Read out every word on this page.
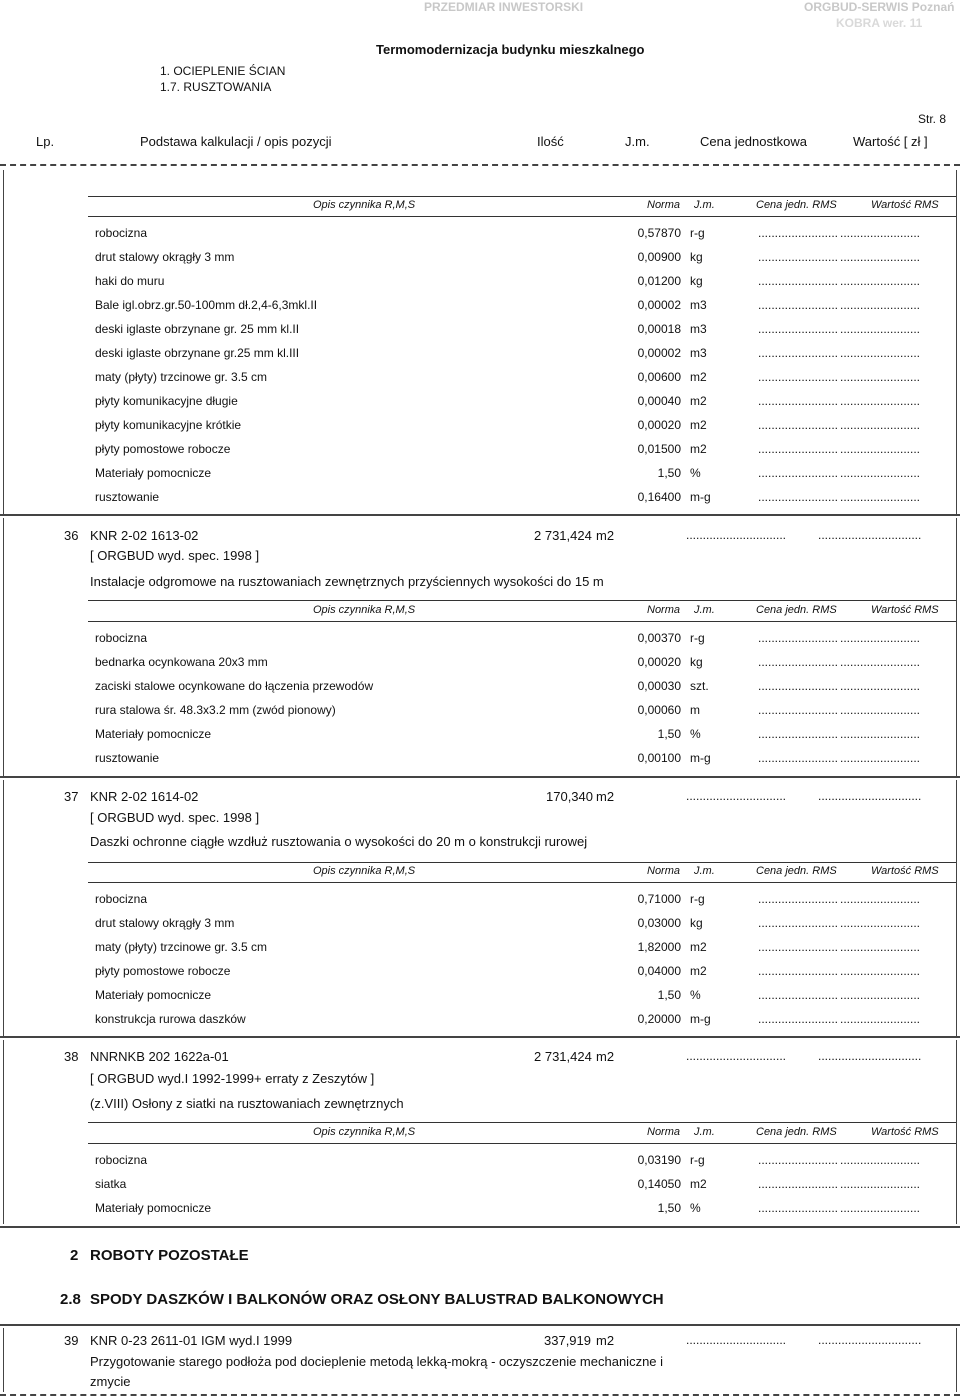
PRZEDMIAR INWESTORSKI	ORGBUD-SERWIS Poznań
KOBRA wer. 11
Termomodernizacja budynku mieszkalnego
1. OCIEPLENIE ŚCIAN
1.7. RUSZTOWANIA
Str. 8
Lp.	Podstawa kalkulacji / opis pozycji	Ilość	J.m.	Cena jednostkowa	Wartość [ zł ]
Opis czynnika R,M,S	Norma J.m.	Cena jedn. RMS	Wartość RMS
robocizna	0,57870 r-g	........................ ........................
drut stalowy okrągły 3 mm	0,00900 kg	........................ ........................
haki do muru	0,01200 kg	........................ ........................
Bale igl.obrz.gr.50-100mm dł.2,4-6,3mkl.II	0,00002 m3	........................ ........................
deski iglaste obrzynane gr. 25 mm kl.II	0,00018 m3	........................ ........................
deski iglaste obrzynane gr.25 mm kl.III	0,00002 m3	........................ ........................
maty (płyty) trzcinowe gr. 3.5 cm	0,00600 m2	........................ ........................
płyty komunikacyjne długie	0,00040 m2	........................ ........................
płyty komunikacyjne krótkie	0,00020 m2	........................ ........................
płyty pomostowe robocze	0,01500 m2	........................ ........................
Materiały pomocnicze	1,50 %	........................ ........................
rusztowanie	0,16400 m-g	........................ ........................
36 KNR 2-02 1613-02	2 731,424 m2	..............................	...............................
[ ORGBUD wyd. spec. 1998 ]
Instalacje odgromowe na rusztowaniach zewnętrznych przyściennych wysokości do 15 m
Opis czynnika R,M,S	Norma J.m.	Cena jedn. RMS	Wartość RMS
robocizna	0,00370 r-g	........................ ........................
bednarka ocynkowana 20x3 mm	0,00020 kg	........................ ........................
zaciski stalowe ocynkowane do łączenia przewodów	0,00030 szt.	........................ ........................
rura stalowa śr. 48.3x3.2 mm (zwód pionowy)	0,00060 m	........................ ........................
Materiały pomocnicze	1,50 %	........................ ........................
rusztowanie	0,00100 m-g	........................ ........................
37 KNR 2-02 1614-02	170,340 m2	..............................	...............................
[ ORGBUD wyd. spec. 1998 ]
Daszki ochronne ciągłe wzdłuż rusztowania o wysokości do 20 m o konstrukcji rurowej
Opis czynnika R,M,S	Norma J.m.	Cena jedn. RMS	Wartość RMS
robocizna	0,71000 r-g	........................ ........................
drut stalowy okrągły 3 mm	0,03000 kg	........................ ........................
maty (płyty) trzcinowe gr. 3.5 cm	1,82000 m2	........................ ........................
płyty pomostowe robocze	0,04000 m2	........................ ........................
Materiały pomocnicze	1,50 %	........................ ........................
konstrukcja rurowa daszków	0,20000 m-g	........................ ........................
38 NNRNKB 202 1622a-01	2 731,424 m2	..............................	...............................
[ ORGBUD wyd.I 1992-1999+ erraty z Zeszytów ]
(z.VIII) Osłony z siatki na rusztowaniach zewnętrznych
Opis czynnika R,M,S	Norma J.m.	Cena jedn. RMS	Wartość RMS
robocizna	0,03190 r-g	........................ ........................
siatka	0,14050 m2	........................ ........................
Materiały pomocnicze	1,50 %	........................ ........................
2 ROBOTY POZOSTAŁE
2.8 SPODY DASZKÓW I BALKONÓW ORAZ OSŁONY BALUSTRAD BALKONOWYCH
39 KNR 0-23 2611-01 IGM wyd.I 1999	337,919 m2	..............................	...............................
Przygotowanie starego podłoża pod docieplenie metodą lekką-mokrą - oczyszczenie mechaniczne i
zmycie
